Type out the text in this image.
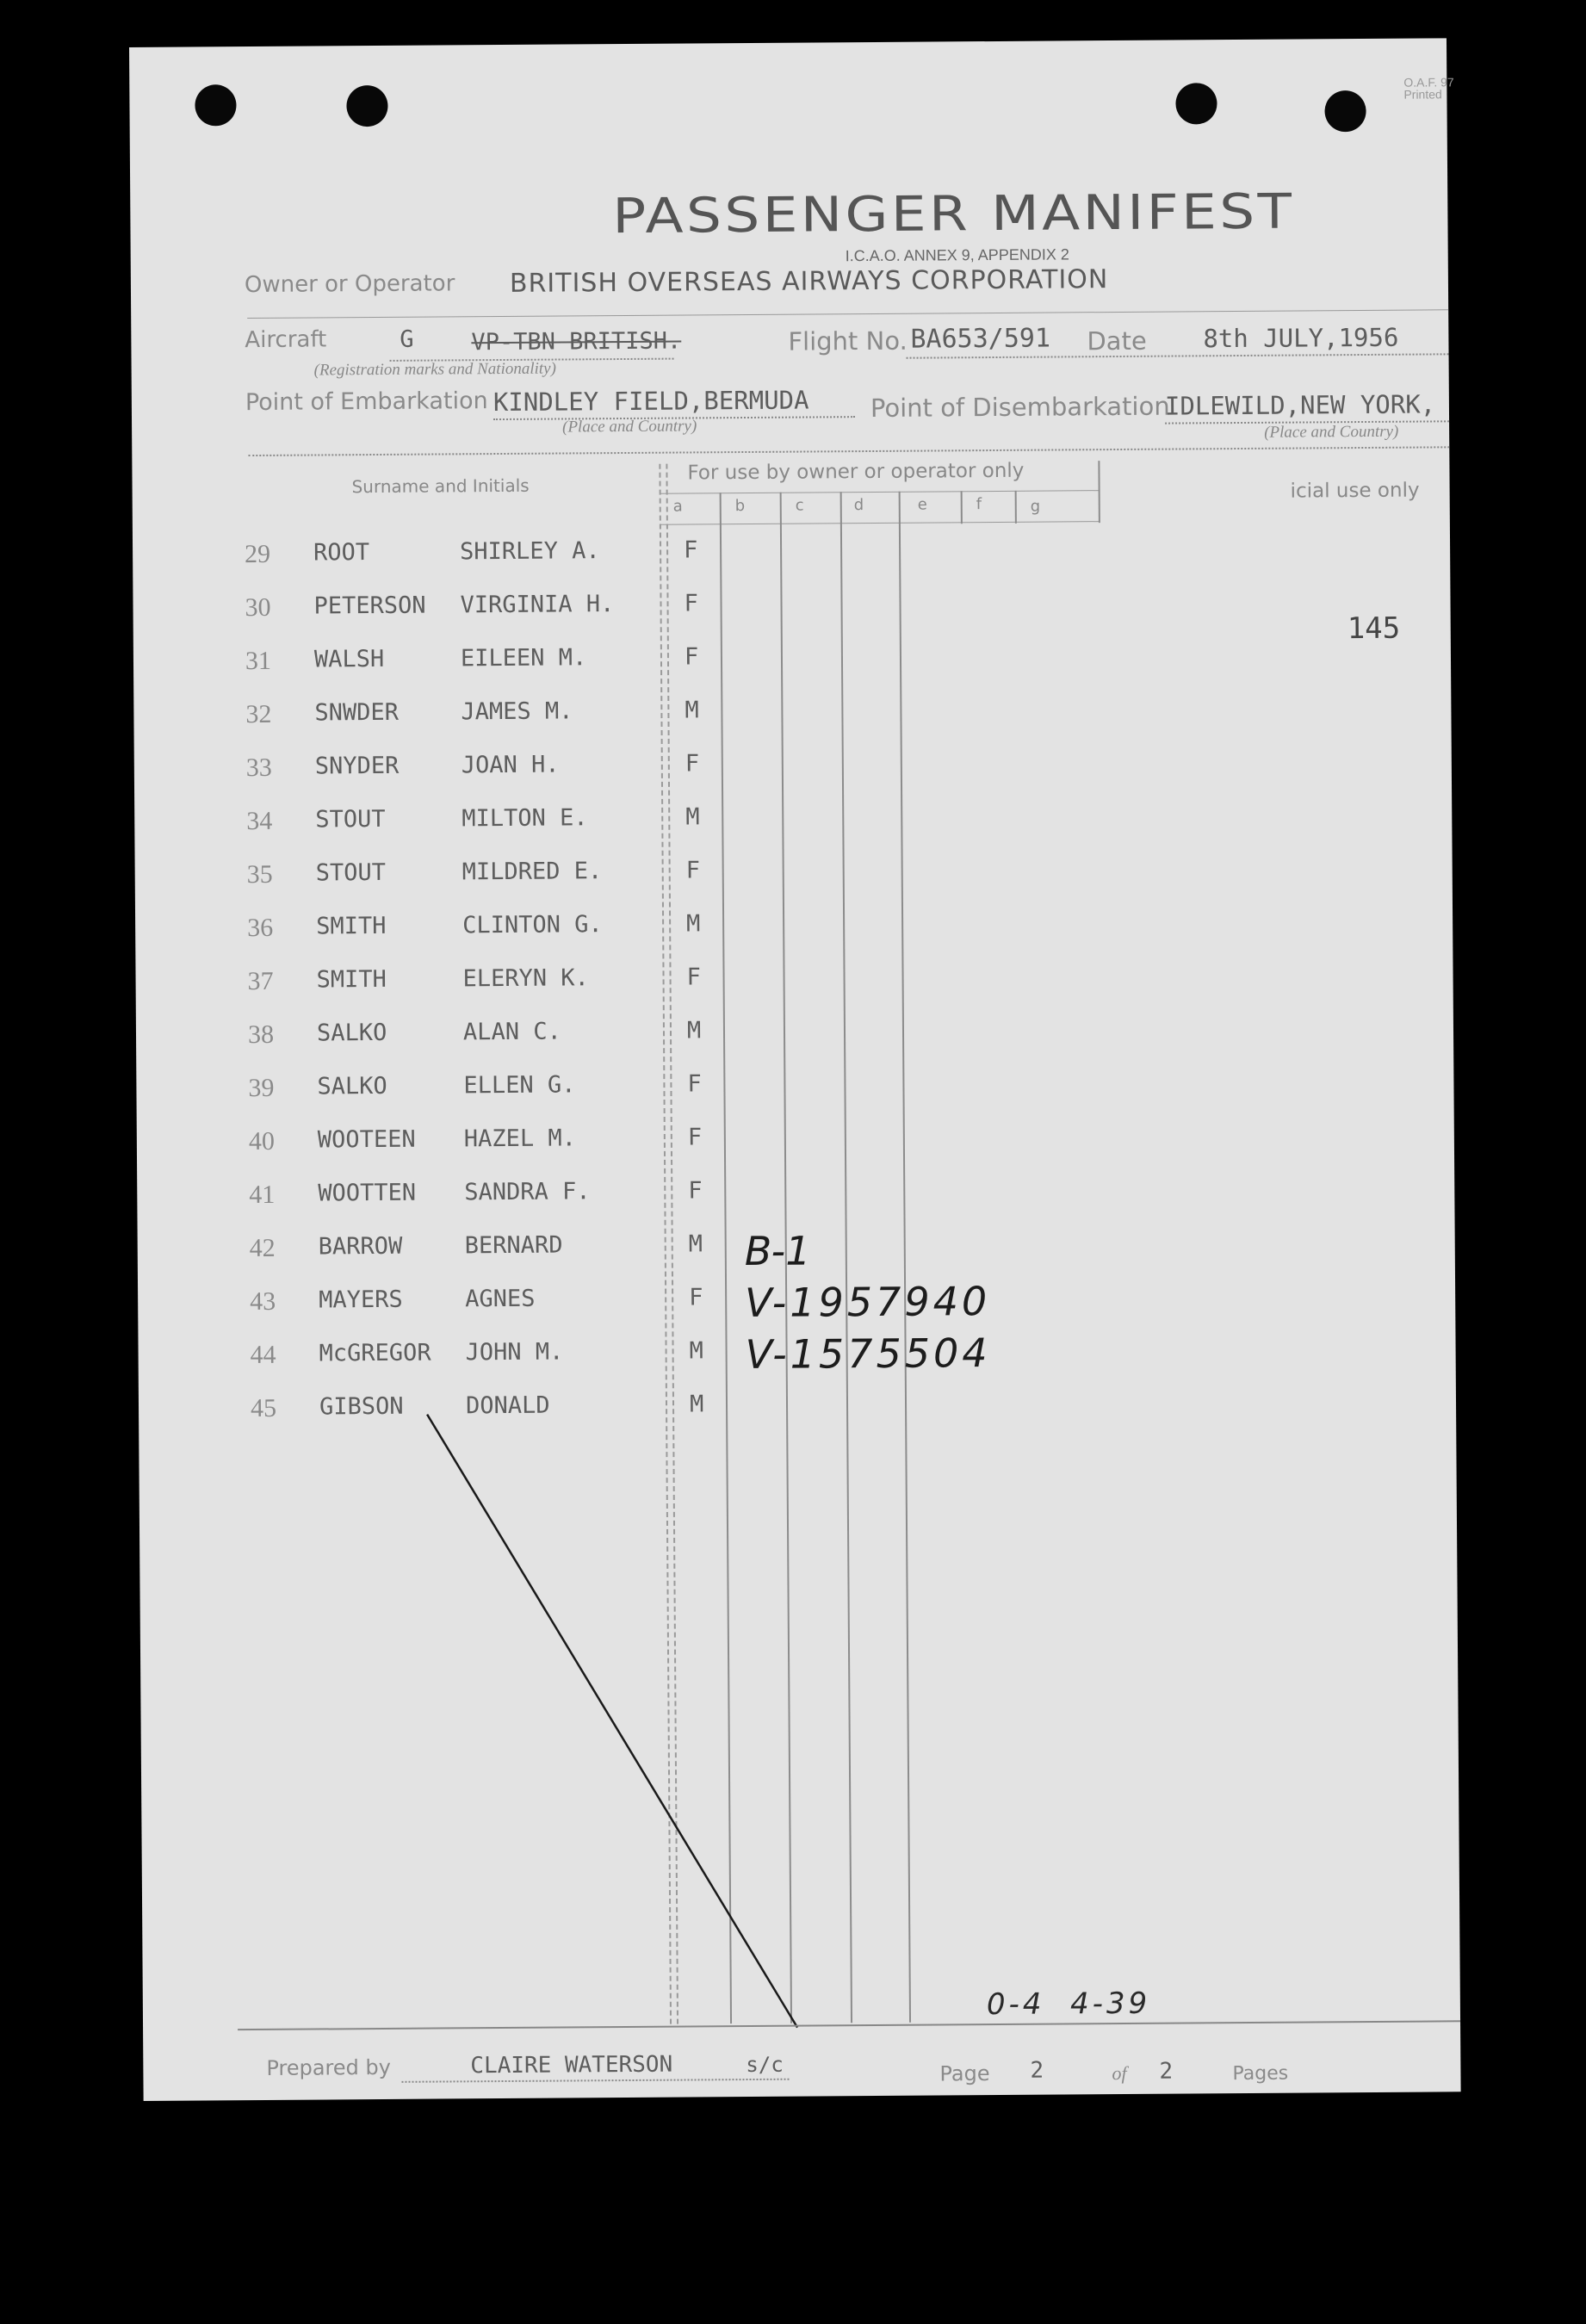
O.A.F. 97
Printed
PASSENGER MANIFEST
I.C.A.O. ANNEX 9, APPENDIX 2
Owner or Operator BRITISH OVERSEAS AIRWAYS CORPORATION
Aircraft	G VP-TBN BRITISH.
(Registration marks and Nationality)
Flight No. BA653/591 Date 8th JULY,1956
Point of Embarkation KINDLEY FIELD,BERMUDA
(Place and Country)
Point of Disembarkation
IDLEWILD,NEW YORK,
(Place and Country)
Surname and Initials
For use by owner or operator only
icial use only
a	b	c	d	e	f	g
29 ROOT	SHIRLEY A.	F
30 PETERSON VIRGINIA H.	F
31 WALSH	EILEEN M.	F
32 SNWDER	JAMES M.	M
33 SNYDER	JOAN H.	F
34 STOUT	MILTON E.	M
35 STOUT	MILDRED E.	F
36 SMITH	CLINTON G.	M
37 SMITH	ELERYN K.	F
38 SALKO	ALAN C.	M
39 SALKO	ELLEN G.	F
40 WOOTEEN HAZEL M.	F
41 WOOTTEN SANDRA F.	F
42 BARROW	BERNARD	M
43 MAYERS	AGNES	F
44 McGREGOR JOHN M.	M
45 GIBSON	DONALD	M
145
B-1
V-1957940
V-1575504
0-4  4-39
Prepared by	CLAIRE WATERSON	s/c	Page 2	of 2	Pages
